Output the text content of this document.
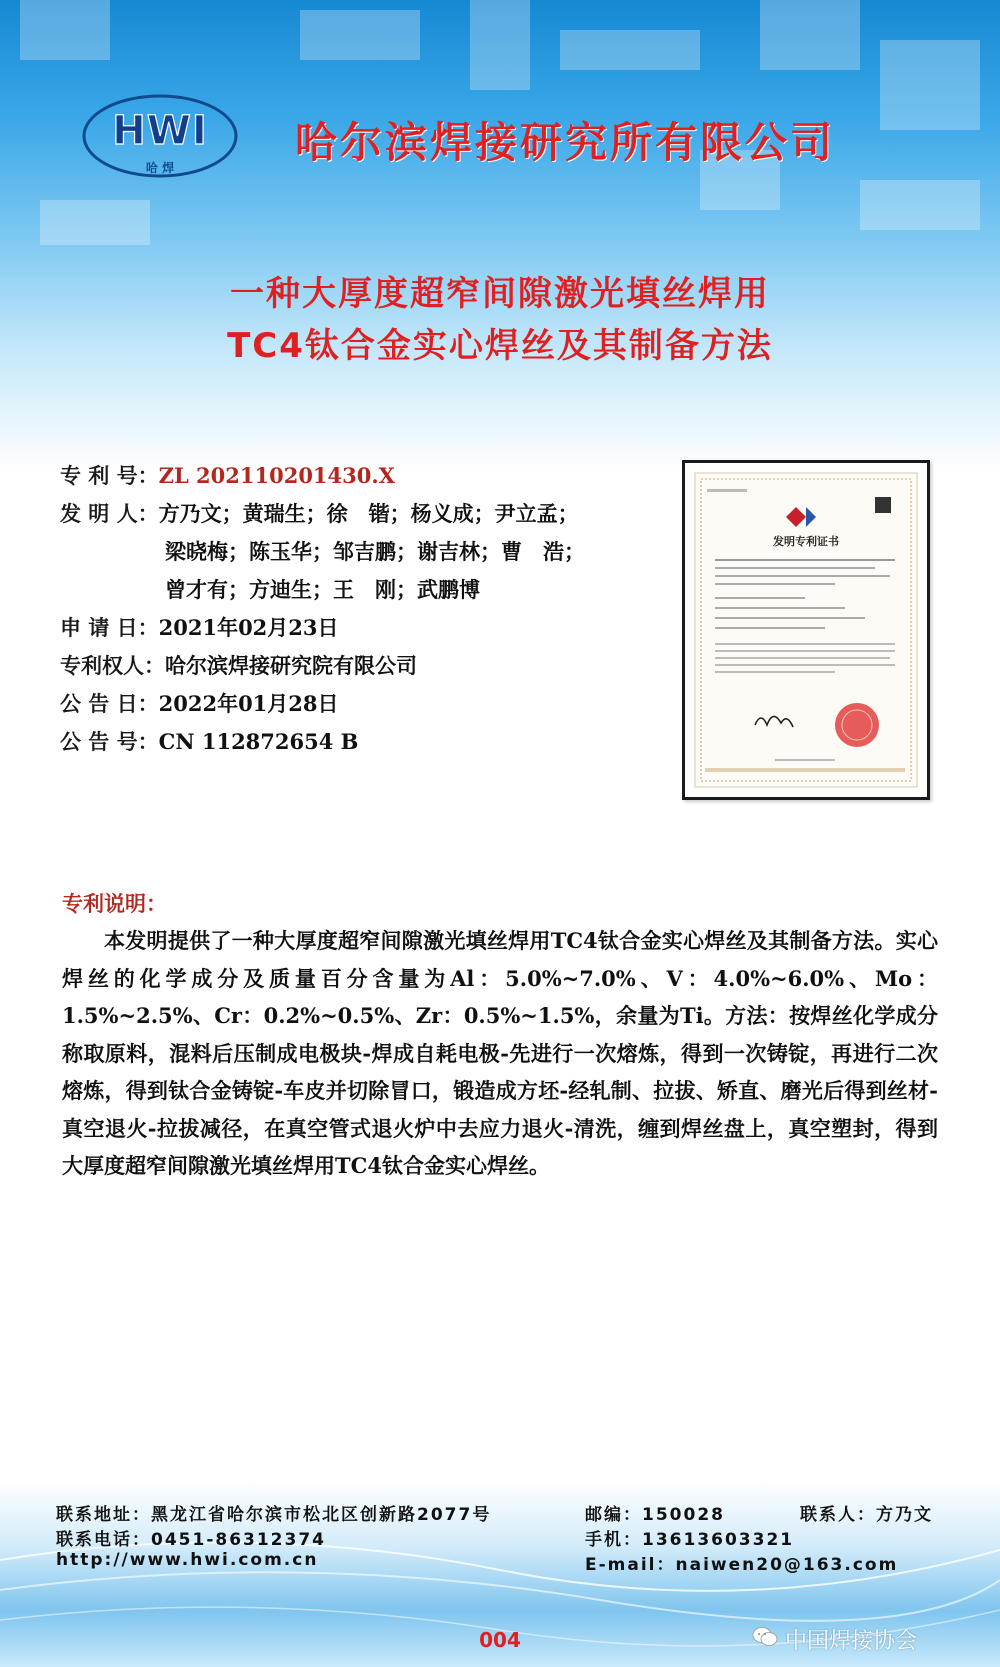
HWI
哈 焊
哈尔滨焊接研究所有限公司
一种大厚度超窄间隙激光填丝焊用
TC4钛合金实心焊丝及其制备方法
专 利 号：ZL 202110201430.X
发 明 人：方乃文；黄瑞生；徐　锴；杨义成；尹立孟；
梁晓梅；陈玉华；邹吉鹏；谢吉林；曹　浩；
曾才有；方迪生；王　刚；武鹏博
申 请 日：2021年02月23日
专利权人：哈尔滨焊接研究院有限公司
公 告 日：2022年01月28日
公 告 号：CN 112872654 B
发明专利证书
专利说明：
本发明提供了一种大厚度超窄间隙激光填丝焊用TC4钛合金实心焊丝及其制备方法。实心焊丝的化学成分及质量百分含量为Al：5.0%~7.0%、V：4.0%~6.0%、Mo：1.5%~2.5%、Cr：0.2%~0.5%、Zr：0.5%~1.5%，余量为Ti。方法：按焊丝化学成分称取原料，混料后压制成电极块-焊成自耗电极-先进行一次熔炼，得到一次铸锭，再进行二次熔炼，得到钛合金铸锭-车皮并切除冒口，锻造成方坯-经轧制、拉拔、矫直、磨光后得到丝材-真空退火-拉拔减径，在真空管式退火炉中去应力退火-清洗，缠到焊丝盘上，真空塑封，得到大厚度超窄间隙激光填丝焊用TC4钛合金实心焊丝。
联系地址：黑龙江省哈尔滨市松北区创新路2077号	邮编：150028	联系人：方乃文
联系电话：0451-86312374	手机：13613603321
http://www.hwi.com.cn	E-mail：naiwen20@163.com
004	中国焊接协会
